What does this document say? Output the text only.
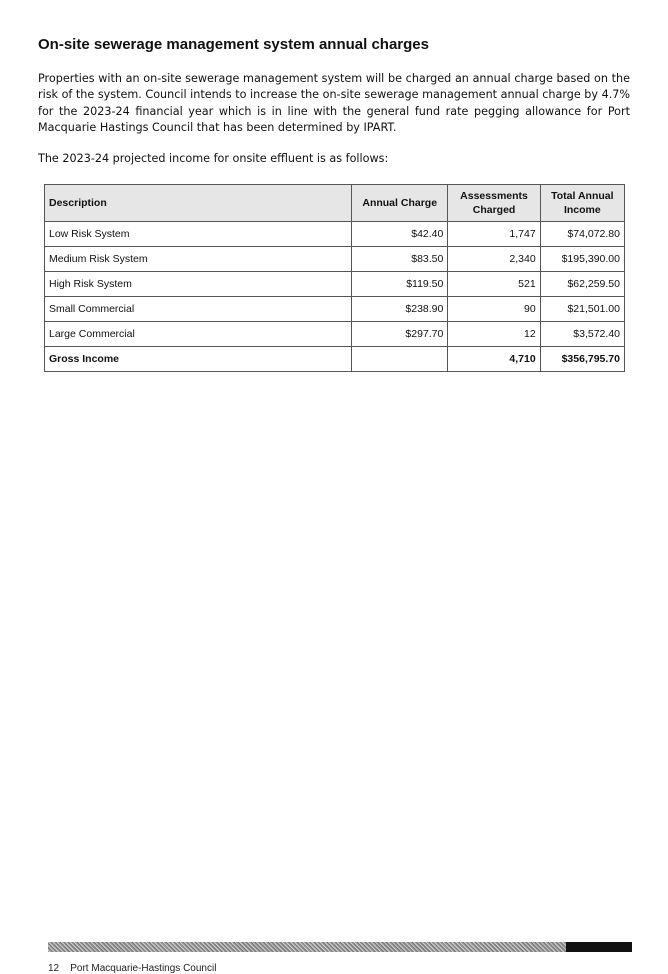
On-site sewerage management system annual charges

Properties with an on-site sewerage management system will be charged an annual charge based on the risk of the system. Council intends to increase the on-site sewerage management annual charge by 4.7% for the 2023-24 financial year which is in line with the general fund rate pegging allowance for Port Macquarie Hastings Council that has been determined by IPART.

The 2023-24 projected income for onsite effluent is as follows:

Description	Annual Charge	Assessments Charged	Total Annual Income
Low Risk System	$42.40	1,747	$74,072.80
Medium Risk System	$83.50	2,340	$195,390.00
High Risk System	$119.50	521	$62,259.50
Small Commercial	$238.90	90	$21,501.00
Large Commercial	$297.70	12	$3,572.40
Gross Income		4,710	$356,795.70
12 Port Macquarie-Hastings Council
